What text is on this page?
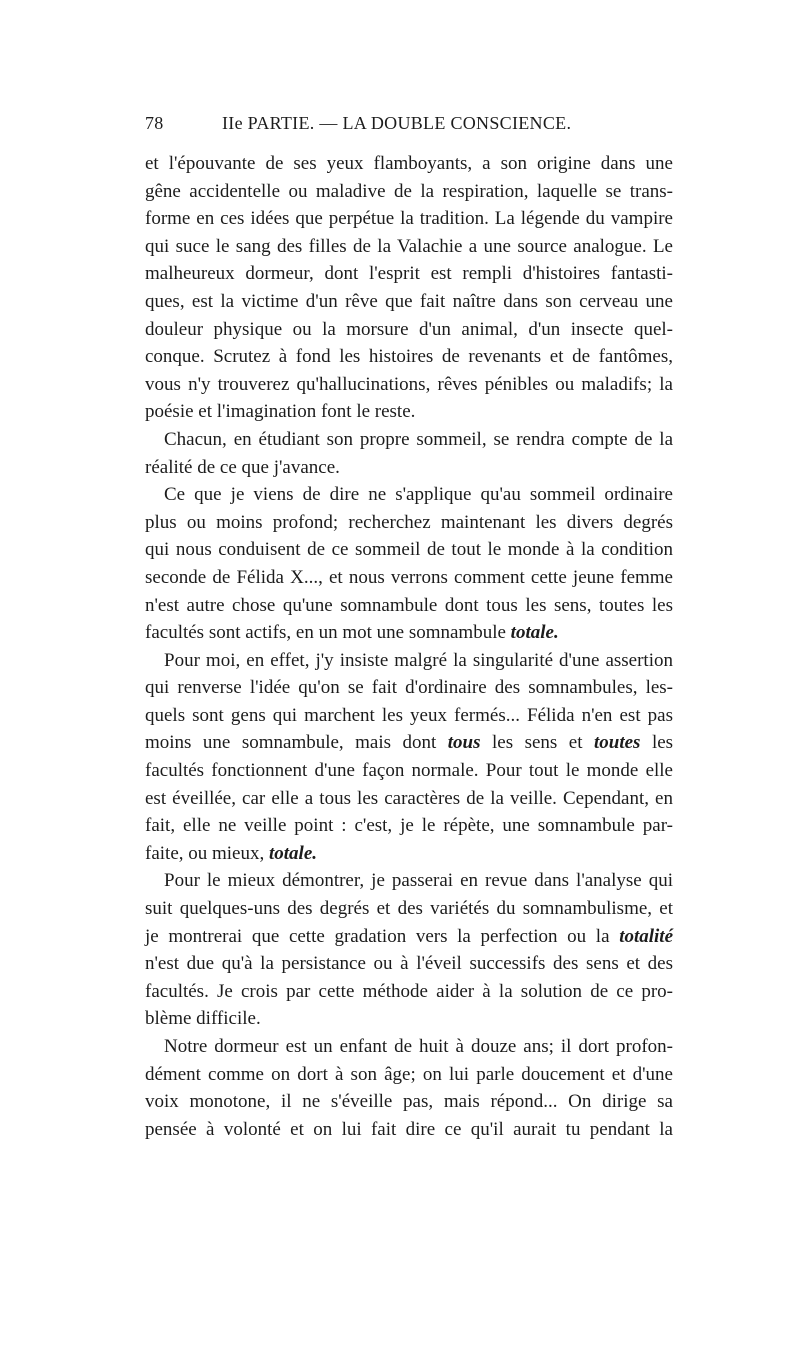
78	IIe PARTIE. — LA DOUBLE CONSCIENCE.
et l'épouvante de ses yeux flamboyants, a son origine dans une
gêne accidentelle ou maladive de la respiration, laquelle se trans-
forme en ces idées que perpétue la tradition. La légende du vampire
qui suce le sang des filles de la Valachie a une source analogue. Le
malheureux dormeur, dont l'esprit est rempli d'histoires fantasti-
ques, est la victime d'un rêve que fait naître dans son cerveau une
douleur physique ou la morsure d'un animal, d'un insecte quel-
conque. Scrutez à fond les histoires de revenants et de fantômes,
vous n'y trouverez qu'hallucinations, rêves pénibles ou maladifs; la
poésie et l'imagination font le reste.
Chacun, en étudiant son propre sommeil, se rendra compte de la
réalité de ce que j'avance.
Ce que je viens de dire ne s'applique qu'au sommeil ordinaire
plus ou moins profond; recherchez maintenant les divers degrés
qui nous conduisent de ce sommeil de tout le monde à la condition
seconde de Félida X..., et nous verrons comment cette jeune femme
n'est autre chose qu'une somnambule dont tous les sens, toutes les
facultés sont actifs, en un mot une somnambule totale.
Pour moi, en effet, j'y insiste malgré la singularité d'une assertion
qui renverse l'idée qu'on se fait d'ordinaire des somnambules, les-
quels sont gens qui marchent les yeux fermés... Félida n'en est pas
moins une somnambule, mais dont tous les sens et toutes les
facultés fonctionnent d'une façon normale. Pour tout le monde elle
est éveillée, car elle a tous les caractères de la veille. Cependant, en
fait, elle ne veille point : c'est, je le répète, une somnambule par-
faite, ou mieux, totale.
Pour le mieux démontrer, je passerai en revue dans l'analyse qui
suit quelques-uns des degrés et des variétés du somnambulisme, et
je montrerai que cette gradation vers la perfection ou la totalité
n'est due qu'à la persistance ou à l'éveil successifs des sens et des
facultés. Je crois par cette méthode aider à la solution de ce pro-
blème difficile.
Notre dormeur est un enfant de huit à douze ans; il dort profon-
dément comme on dort à son âge; on lui parle doucement et d'une
voix monotone, il ne s'éveille pas, mais répond... On dirige sa
pensée à volonté et on lui fait dire ce qu'il aurait tu pendant la
